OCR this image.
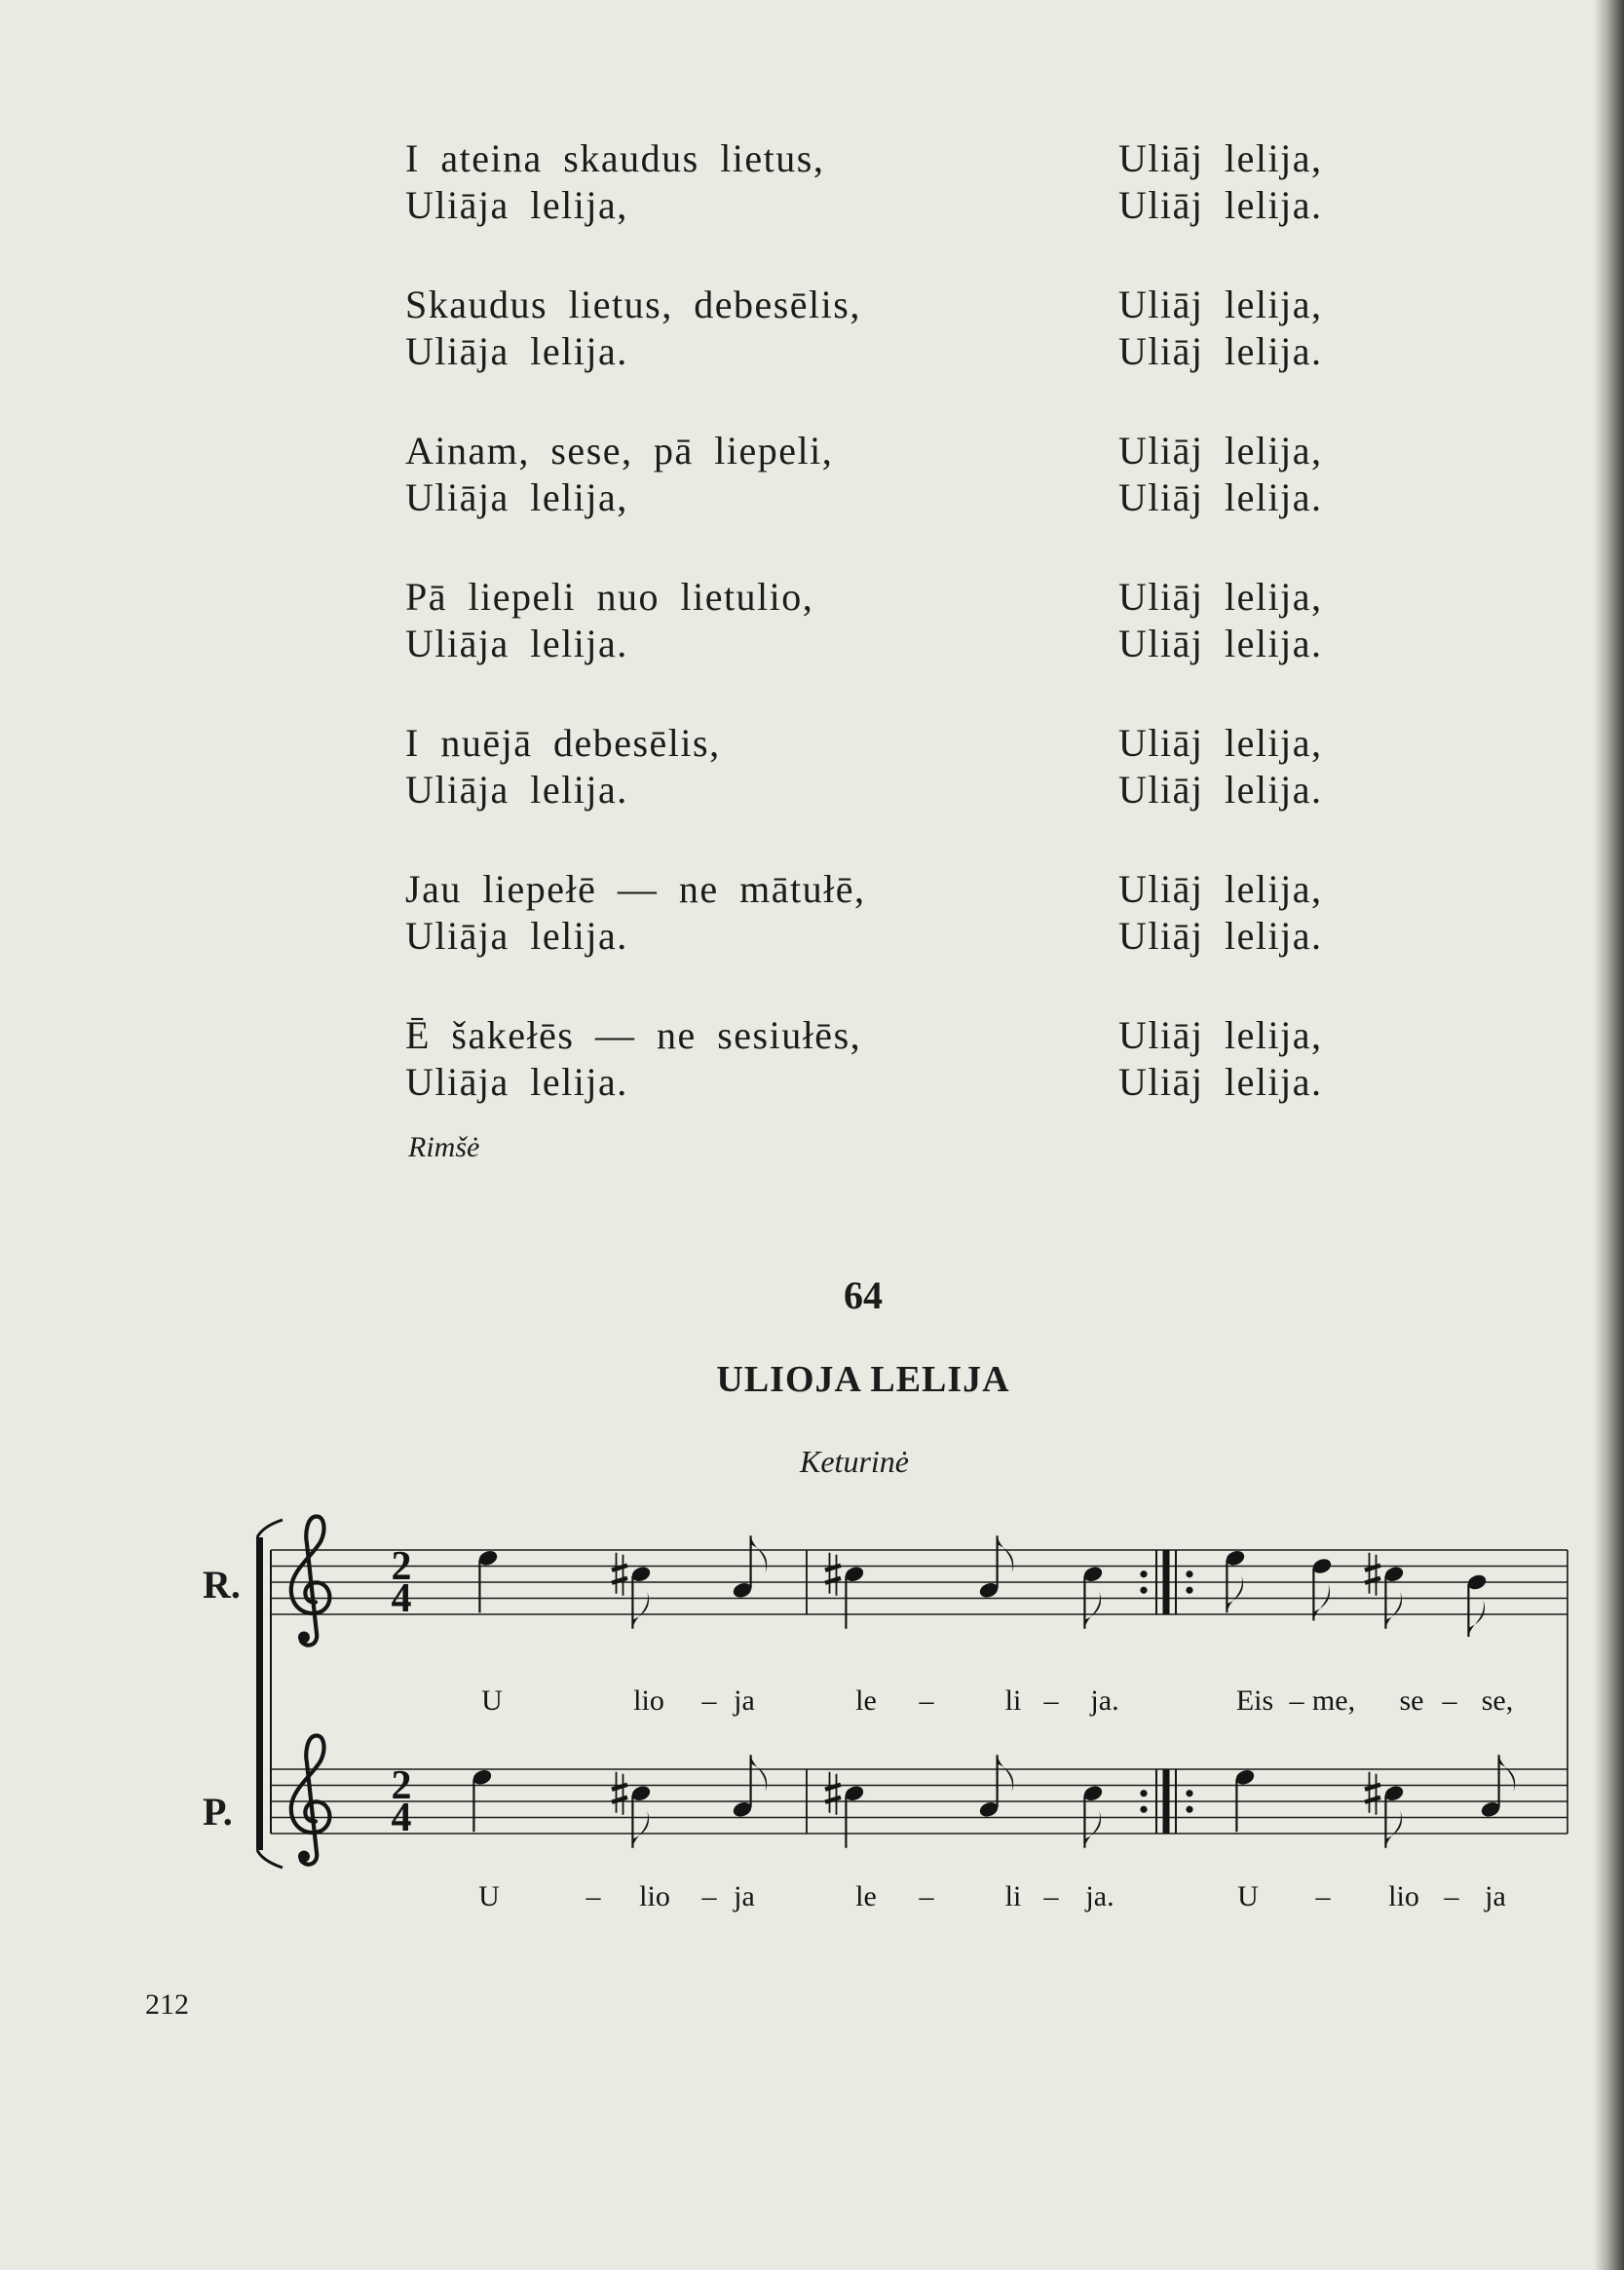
I ateina skaudus lietus,	Uliāj lelija,
Uliāja lelija,	Uliāj lelija.
Skaudus lietus, debesēlis,	Uliāj lelija,
Uliāja lelija.	Uliāj lelija.
Ainam, sese, pā liepeli,	Uliāj lelija,
Uliāja lelija,	Uliāj lelija.
Pā liepeli nuo lietulio,	Uliāj lelija,
Uliāja lelija.	Uliāj lelija.
I nuējā debesēlis,	Uliāj lelija,
Uliāja lelija.	Uliāj lelija.
Jau liepełē — ne mātułē,	Uliāj lelija,
Uliāja lelija.	Uliāj lelija.
Ē šakełēs — ne sesiułēs,	Uliāj lelija,
Uliāja lelija.	Uliāj lelija.
Rimšė
64
ULIOJA LELIJA
Keturinė
R.
P.
2
4
2
4
U	lio – ja	le – li – ja.	Eis – me, se – se,
U	– lio – ja	le – li – ja.	U – lio – ja
212
